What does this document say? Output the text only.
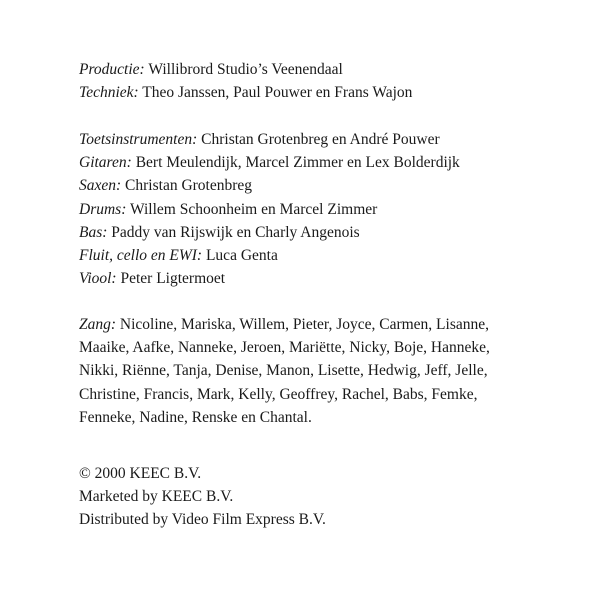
Productie: Willibrord Studio’s Veenendaal
Techniek: Theo Janssen, Paul Pouwer en Frans Wajon
Toetsinstrumenten: Christan Grotenbreg en André Pouwer
Gitaren: Bert Meulendijk, Marcel Zimmer en Lex Bolderdijk
Saxen: Christan Grotenbreg
Drums: Willem Schoonheim en Marcel Zimmer
Bas: Paddy van Rijswijk en Charly Angenois
Fluit, cello en EWI: Luca Genta
Viool: Peter Ligtermoet
Zang: Nicoline, Mariska, Willem, Pieter, Joyce, Carmen, Lisanne,
Maaike, Aafke, Nanneke, Jeroen, Mariëtte, Nicky, Boje, Hanneke,
Nikki, Riënne, Tanja, Denise, Manon, Lisette, Hedwig, Jeff, Jelle,
Christine, Francis, Mark, Kelly, Geoffrey, Rachel, Babs, Femke,
Fenneke, Nadine, Renske en Chantal.
© 2000 KEEC B.V.
Marketed by KEEC B.V.
Distributed by Video Film Express B.V.
